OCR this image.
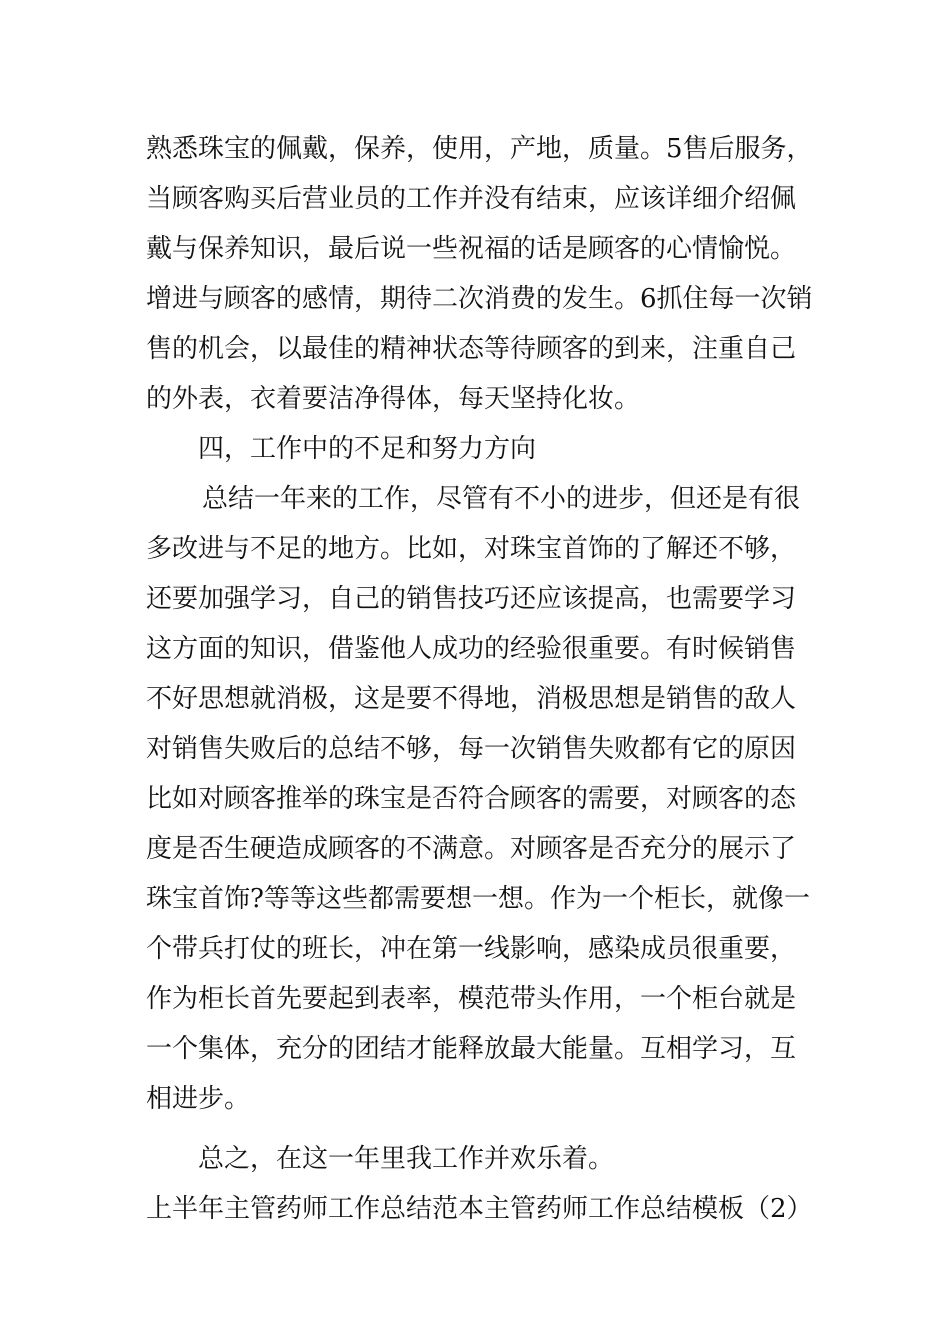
熟悉珠宝的佩戴，保养，使用，产地，质量。5售后服务，
当顾客购买后营业员的工作并没有结束，应该详细介绍佩
戴与保养知识，最后说一些祝福的话是顾客的心情愉悦。
增进与顾客的感情，期待二次消费的发生。6抓住每一次销
售的机会，以最佳的精神状态等待顾客的到来，注重自己
的外表，衣着要洁净得体，每天坚持化妆。
四，工作中的不足和努力方向
总结一年来的工作，尽管有不小的进步，但还是有很
多改进与不足的地方。比如，对珠宝首饰的了解还不够，
还要加强学习，自己的销售技巧还应该提高，也需要学习
这方面的知识，借鉴他人成功的经验很重要。有时候销售
不好思想就消极，这是要不得地，消极思想是销售的敌人
对销售失败后的总结不够，每一次销售失败都有它的原因
比如对顾客推举的珠宝是否符合顾客的需要，对顾客的态
度是否生硬造成顾客的不满意。对顾客是否充分的展示了
珠宝首饰?等等这些都需要想一想。作为一个柜长，就像一
个带兵打仗的班长，冲在第一线影响，感染成员很重要，
作为柜长首先要起到表率，模范带头作用，一个柜台就是
一个集体，充分的团结才能释放最大能量。互相学习，互
相进步。
总之，在这一年里我工作并欢乐着。
上半年主管药师工作总结范本主管药师工作总结模板（2）
